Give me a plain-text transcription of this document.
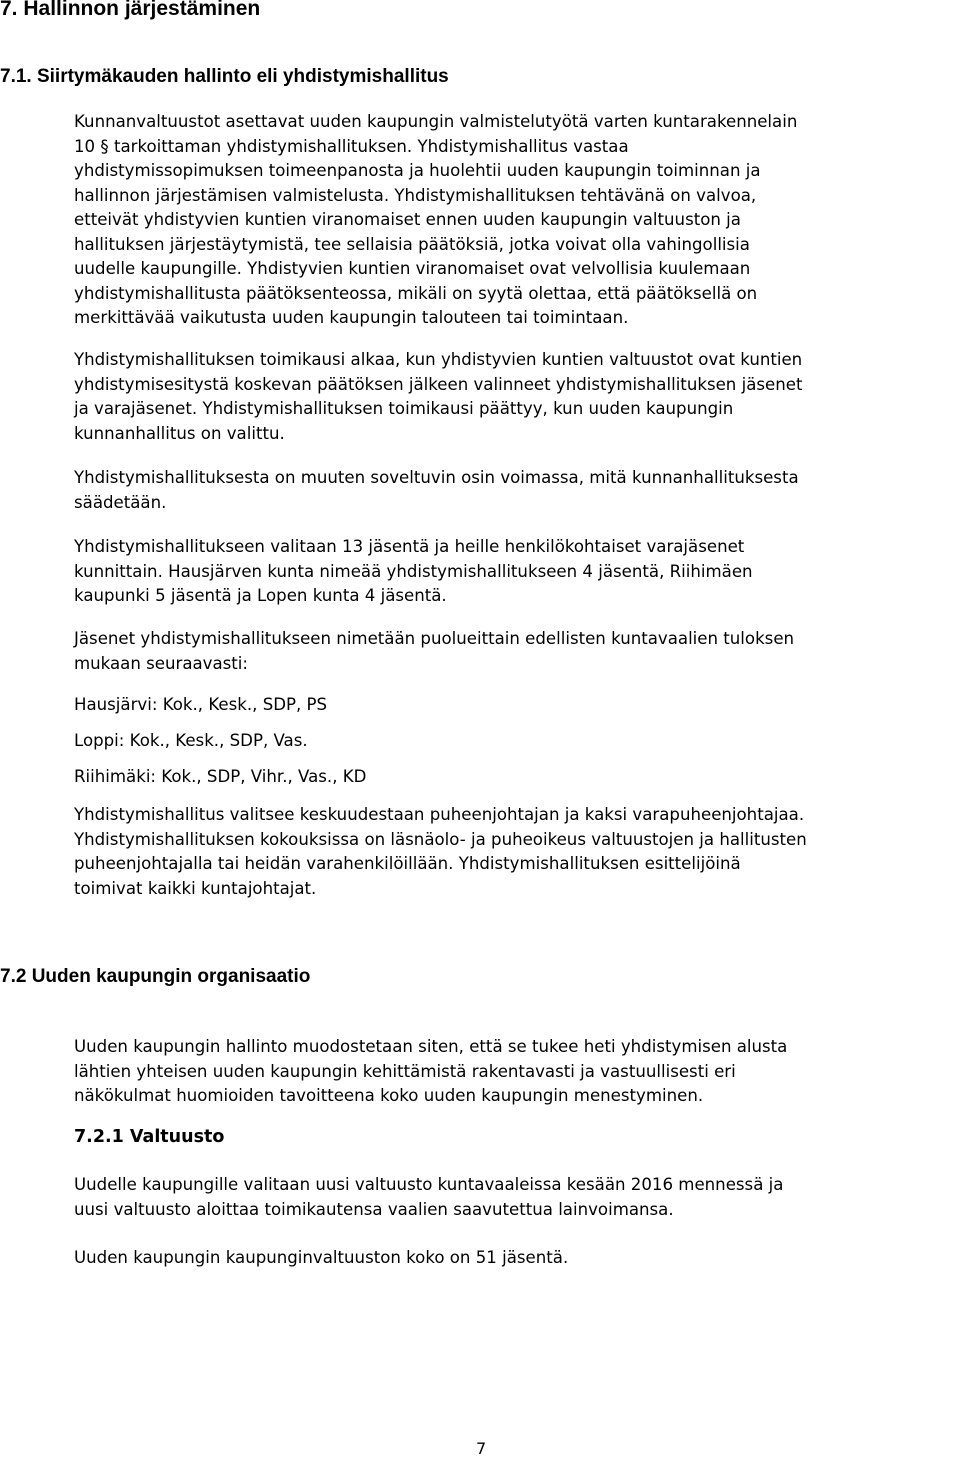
7. Hallinnon järjestäminen
7.1. Siirtymäkauden hallinto eli yhdistymishallitus

Kunnanvaltuustot asettavat uuden kaupungin valmistelutyötä varten kuntarakennelain
10 § tarkoittaman yhdistymishallituksen. Yhdistymishallitus vastaa
yhdistymissopimuksen toimeenpanosta ja huolehtii uuden kaupungin toiminnan ja
hallinnon järjestämisen valmistelusta. Yhdistymishallituksen tehtävänä on valvoa,
etteivät yhdistyvien kuntien viranomaiset ennen uuden kaupungin valtuuston ja
hallituksen järjestäytymistä, tee sellaisia päätöksiä, jotka voivat olla vahingollisia
uudelle kaupungille. Yhdistyvien kuntien viranomaiset ovat velvollisia kuulemaan
yhdistymishallitusta päätöksenteossa, mikäli on syytä olettaa, että päätöksellä on
merkittävää vaikutusta uuden kaupungin talouteen tai toimintaan.

Yhdistymishallituksen toimikausi alkaa, kun yhdistyvien kuntien valtuustot ovat kuntien
yhdistymisesitystä koskevan päätöksen jälkeen valinneet yhdistymishallituksen jäsenet
ja varajäsenet. Yhdistymishallituksen toimikausi päättyy, kun uuden kaupungin
kunnanhallitus on valittu.

Yhdistymishallituksesta on muuten soveltuvin osin voimassa, mitä kunnanhallituksesta
säädetään.

Yhdistymishallitukseen valitaan 13 jäsentä ja heille henkilökohtaiset varajäsenet
kunnittain. Hausjärven kunta nimeää yhdistymishallitukseen 4 jäsentä, Riihimäen
kaupunki 5 jäsentä ja Lopen kunta 4 jäsentä.

Jäsenet yhdistymishallitukseen nimetään puolueittain edellisten kuntavaalien tuloksen
mukaan seuraavasti:

Hausjärvi: Kok., Kesk., SDP, PS
Loppi: Kok., Kesk., SDP, Vas.
Riihimäki: Kok., SDP, Vihr., Vas., KD

Yhdistymishallitus valitsee keskuudestaan puheenjohtajan ja kaksi varapuheenjohtajaa.
Yhdistymishallituksen kokouksissa on läsnäolo- ja puheoikeus valtuustojen ja hallitusten
puheenjohtajalla tai heidän varahenkilöillään. Yhdistymishallituksen esittelijöinä
toimivat kaikki kuntajohtajat.

7.2 Uuden kaupungin organisaatio

Uuden kaupungin hallinto muodostetaan siten, että se tukee heti yhdistymisen alusta
lähtien yhteisen uuden kaupungin kehittämistä rakentavasti ja vastuullisesti eri
näkökulmat huomioiden tavoitteena koko uuden kaupungin menestyminen.

7.2.1 Valtuusto

Uudelle kaupungille valitaan uusi valtuusto kuntavaaleissa kesään 2016 mennessä ja
uusi valtuusto aloittaa toimikautensa vaalien saavutettua lainvoimansa.

Uuden kaupungin kaupunginvaltuuston koko on 51 jäsentä.

7
